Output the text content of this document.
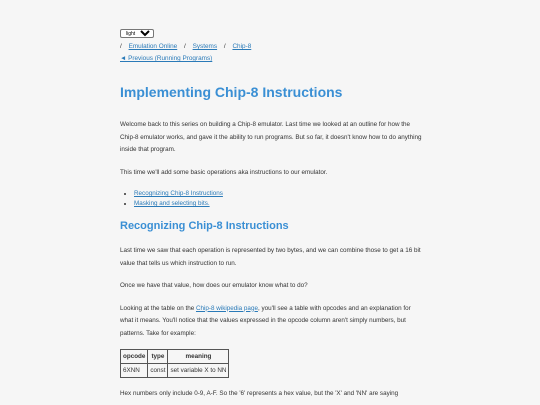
light
/ Emulation Online / Systems / Chip-8
◄ Previous (Running Programs)
Implementing Chip-8 Instructions

Welcome back to this series on building a Chip-8 emulator. Last time we looked at an outline for how the Chip-8 emulator works, and gave it the ability to run programs. But so far, it doesn't know how to do anything inside that program.

This time we'll add some basic operations aka instructions to our emulator.

• Recognizing Chip-8 Instructions
• Masking and selecting bits.
Recognizing Chip-8 Instructions

Last time we saw that each operation is represented by two bytes, and we can combine those to get a 16 bit value that tells us which instruction to run.

Once we have that value, how does our emulator know what to do?

Looking at the table on the Chip-8 wikipedia page, you'll see a table with opcodes and an explanation for what it means. You'll notice that the values expressed in the opcode column aren't simply numbers, but patterns. Take for example:

opcode	type	meaning
6XNN	const	set variable X to NN

Hex numbers only include 0-9, A-F. So the '6' represents a hex value, but the 'X' and 'NN' are saying
